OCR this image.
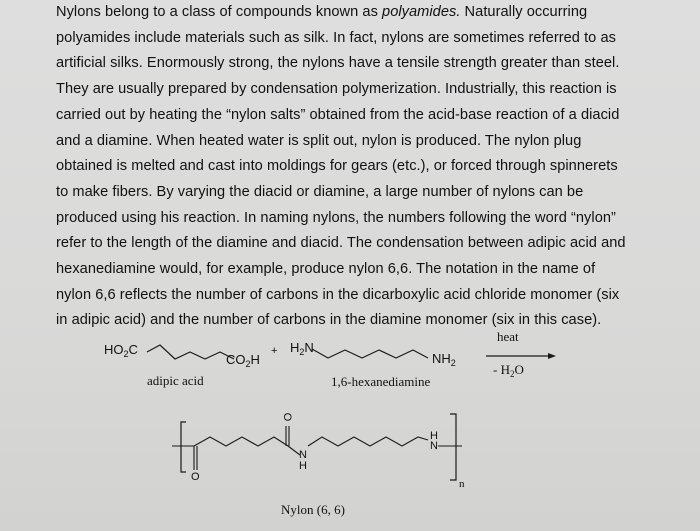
Nylons belong to a class of compounds known as polyamides. Naturally occurring
polyamides include materials such as silk. In fact, nylons are sometimes referred to as
artificial silks. Enormously strong, the nylons have a tensile strength greater than steel.
They are usually prepared by condensation polymerization. Industrially, this reaction is
carried out by heating the “nylon salts” obtained from the acid-base reaction of a diacid
and a diamine. When heated water is split out, nylon is produced. The nylon plug
obtained is melted and cast into moldings for gears (etc.), or forced through spinnerets
to make fibers. By varying the diacid or diamine, a large number of nylons can be
produced using his reaction. In naming nylons, the numbers following the word “nylon”
refer to the length of the diamine and diacid. The condensation between adipic acid and
hexanediamine would, for example, produce nylon 6,6. The notation in the name of
nylon 6,6 reflects the number of carbons in the dicarboxylic acid chloride monomer (six
in adipic acid) and the number of carbons in the diamine monomer (six in this case).

$HO_2C$
$CO_2H$
+ $H_2N$
$NH_2$
heat
- $H_2O$
adipic acid	1,6-hexanediamine
O
O
N
H
H
N
n
Nylon (6, 6)
